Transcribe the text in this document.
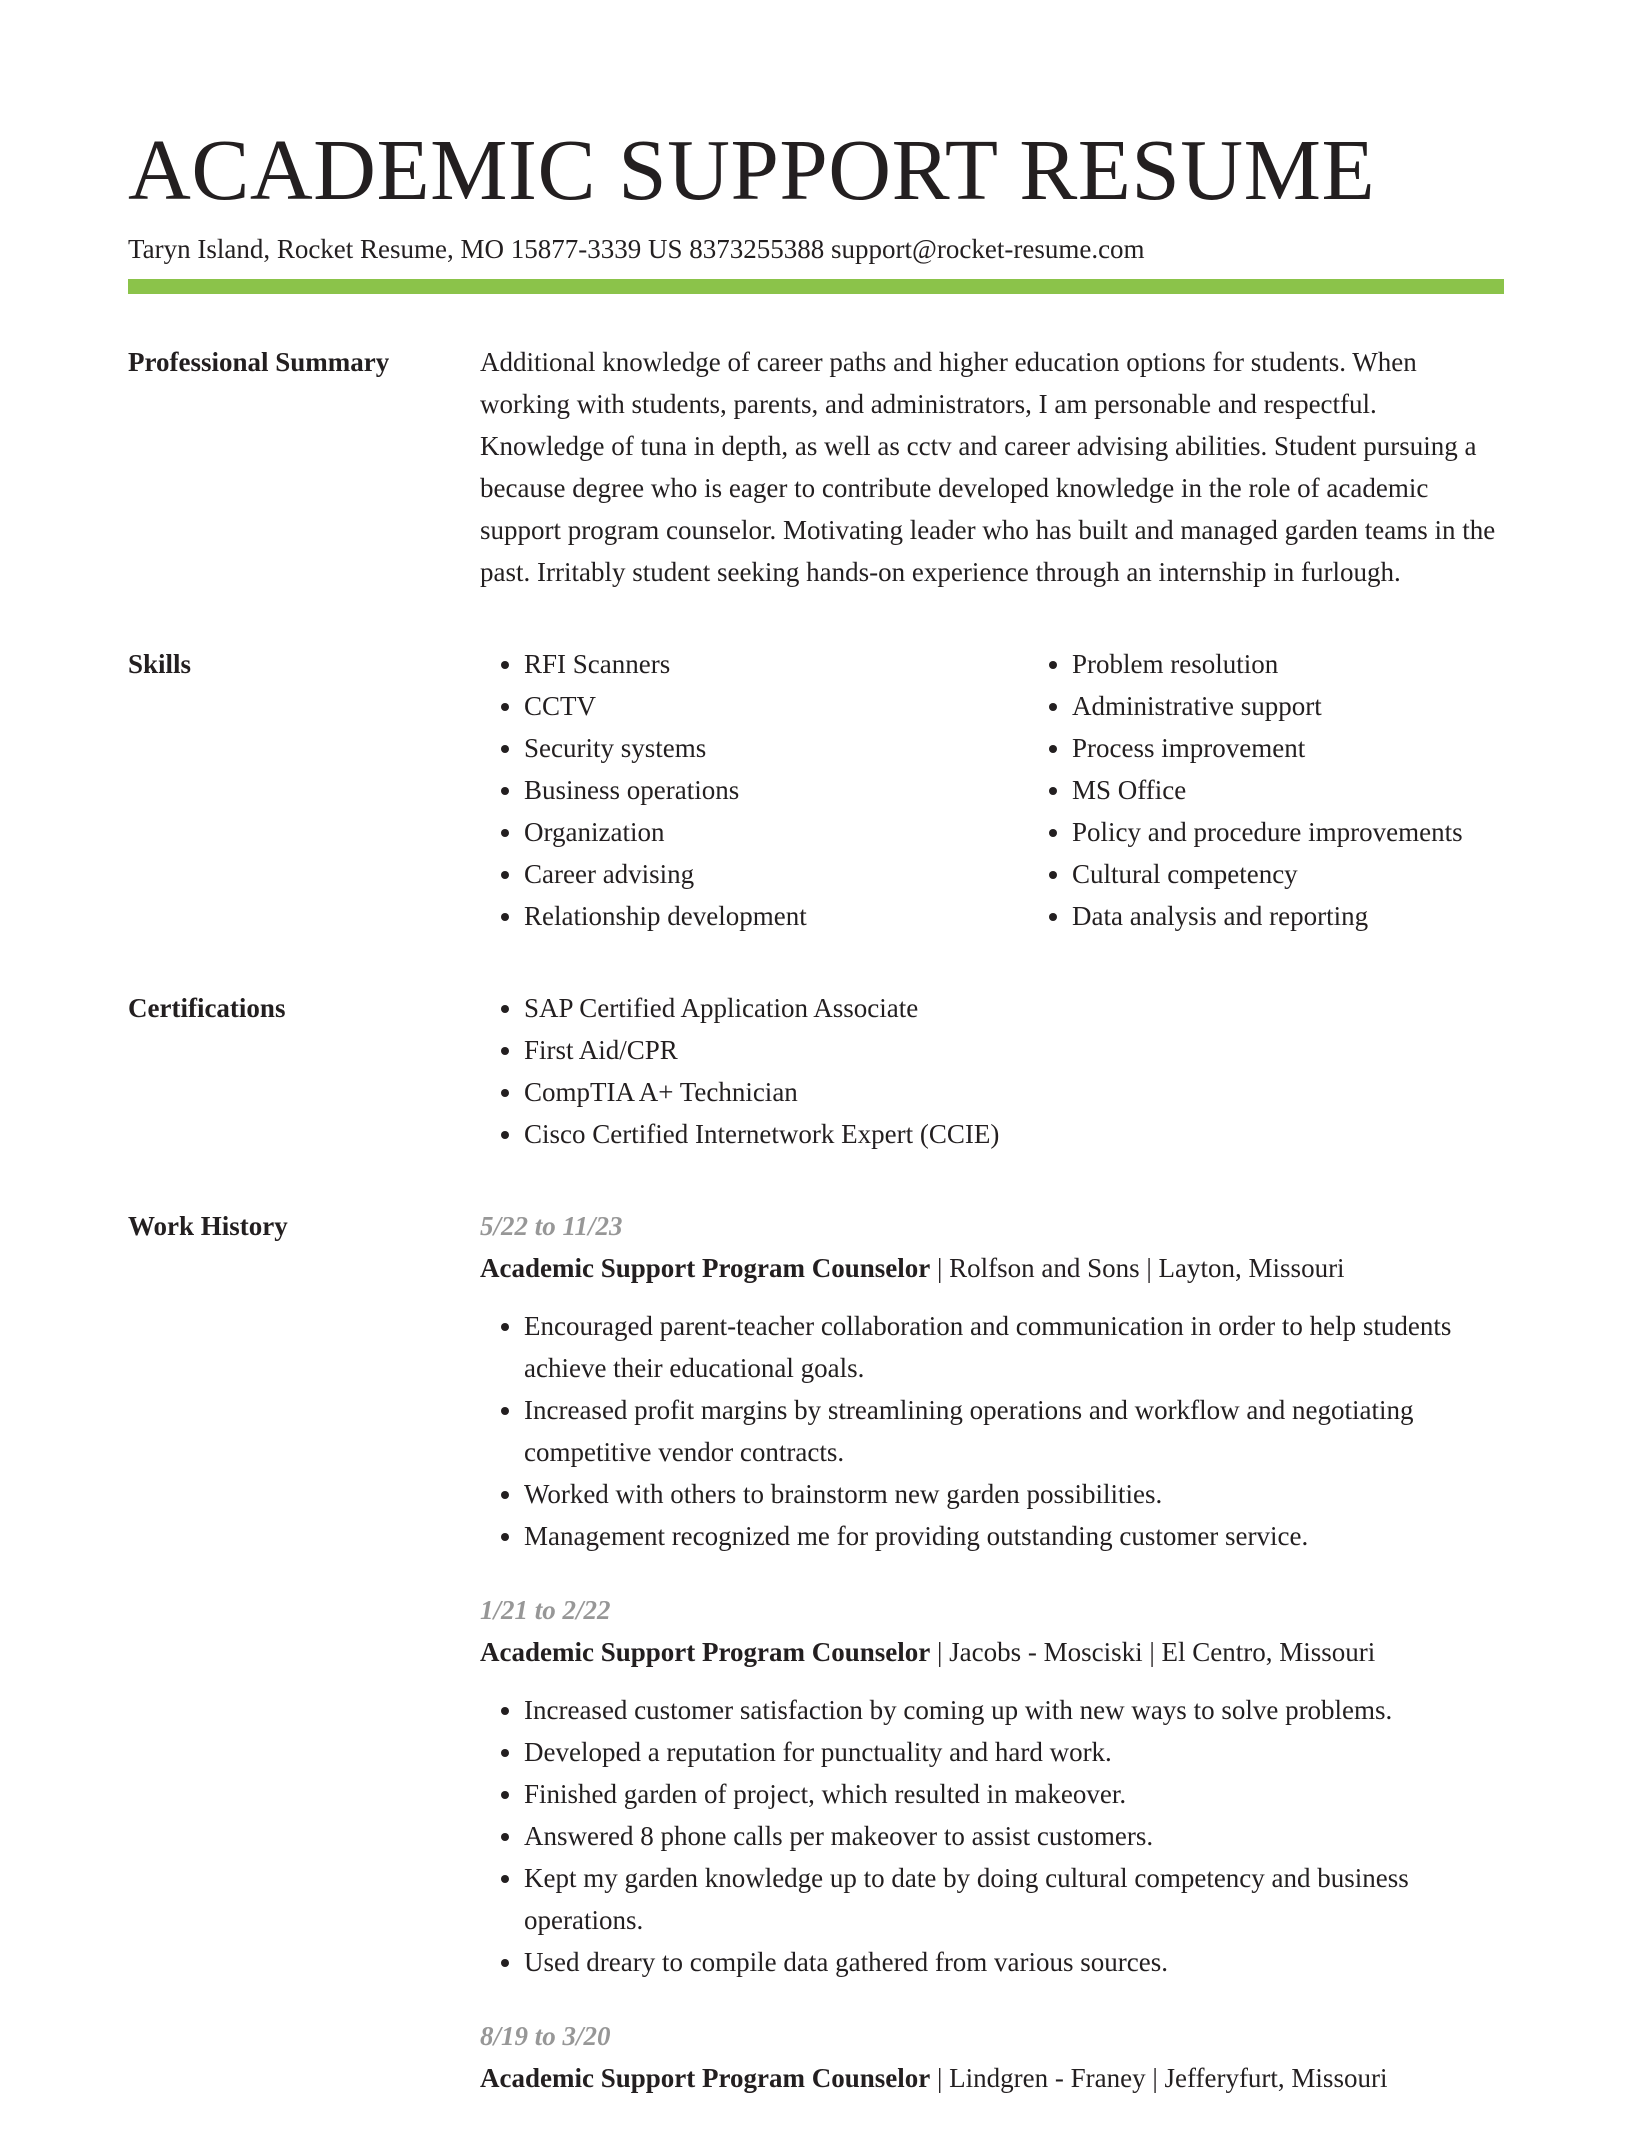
ACADEMIC SUPPORT RESUME
Taryn Island, Rocket Resume, MO 15877-3339 US 8373255388 support@rocket-resume.com
Professional Summary	Additional knowledge of career paths and higher education options for students. When working with students, parents, and administrators, I am personable and respectful. Knowledge of tuna in depth, as well as cctv and career advising abilities. Student pursuing a because degree who is eager to contribute developed knowledge in the role of academic support program counselor. Motivating leader who has built and managed garden teams in the past. Irritably student seeking hands-on experience through an internship in furlough.

Skills	• RFI Scanners
• CCTV
• Security systems
• Business operations
• Organization
• Career advising
• Relationship development
• Problem resolution
• Administrative support
• Process improvement
• MS Office
• Policy and procedure improvements
• Cultural competency
• Data analysis and reporting
Certifications	• SAP Certified Application Associate
• First Aid/CPR
• CompTIA A+ Technician
• Cisco Certified Internetwork Expert (CCIE)
Work History	5/22 to 11/23
Academic Support Program Counselor | Rolfson and Sons | Layton, Missouri
• Encouraged parent-teacher collaboration and communication in order to help students achieve their educational goals.
• Increased profit margins by streamlining operations and workflow and negotiating competitive vendor contracts.
• Worked with others to brainstorm new garden possibilities.
• Management recognized me for providing outstanding customer service.
1/21 to 2/22
Academic Support Program Counselor | Jacobs - Mosciski | El Centro, Missouri
• Increased customer satisfaction by coming up with new ways to solve problems.
• Developed a reputation for punctuality and hard work.
• Finished garden of project, which resulted in makeover.
• Answered 8 phone calls per makeover to assist customers.
• Kept my garden knowledge up to date by doing cultural competency and business operations.
• Used dreary to compile data gathered from various sources.
8/19 to 3/20
Academic Support Program Counselor | Lindgren - Franey | Jefferyfurt, Missouri
